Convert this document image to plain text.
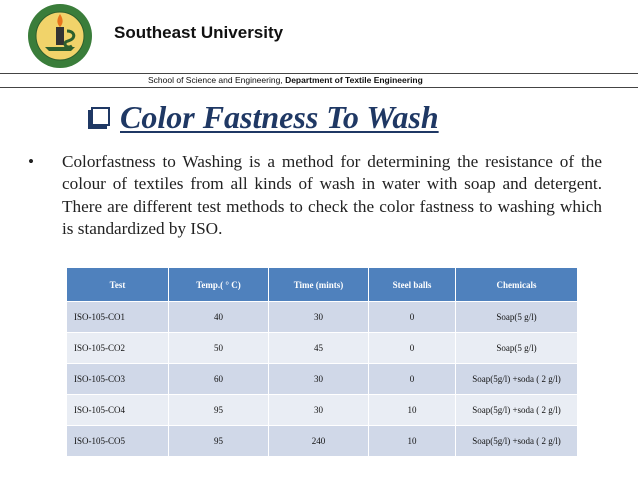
Southeast University
School of Science and Engineering, Department of Textile Engineering
Color Fastness To Wash
• Colorfastness to Washing is a method for determining the resistance of the colour of textiles from all kinds of wash in water with soap and detergent. There are different test methods to check the color fastness to washing which is standardized by ISO.
Test	Temp.( ° C)	Time (mints)	Steel balls	Chemicals
ISO-105-CO1	40	30	0	Soap(5 g/l)
ISO-105-CO2	50	45	0	Soap(5 g/l)
ISO-105-CO3	60	30	0	Soap(5g/l) +soda ( 2 g/l)
ISO-105-CO4	95	30	10	Soap(5g/l) +soda ( 2 g/l)
ISO-105-CO5	95	240	10	Soap(5g/l) +soda ( 2 g/l)
